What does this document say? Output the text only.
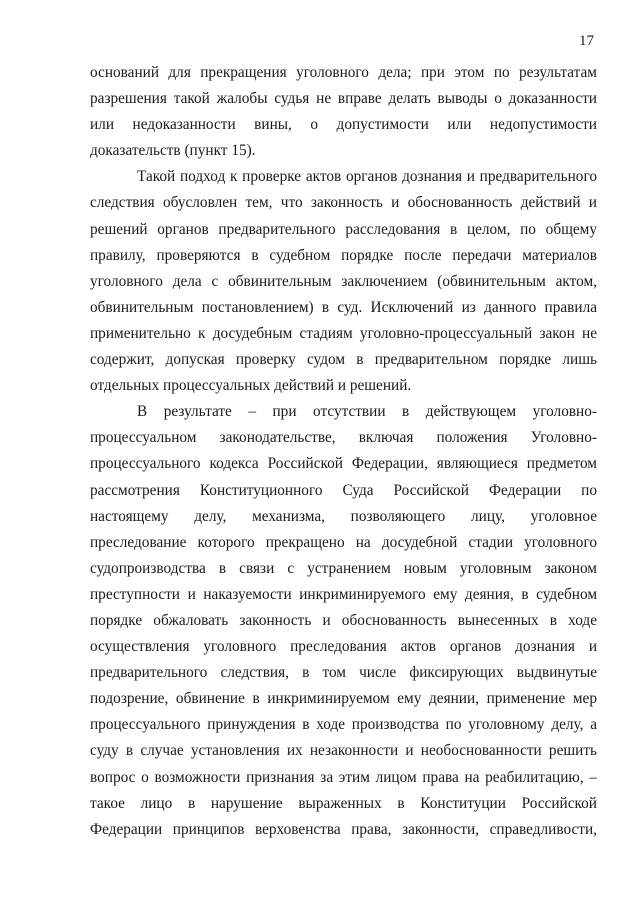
17
оснований для прекращения уголовного дела; при этом по результатам
разрешения такой жалобы судья не вправе делать выводы о доказанности
или недоказанности вины, о допустимости или недопустимости
доказательств (пункт 15).
Такой подход к проверке актов органов дознания и предварительного
следствия обусловлен тем, что законность и обоснованность действий и
решений органов предварительного расследования в целом, по общему
правилу, проверяются в судебном порядке после передачи материалов
уголовного дела с обвинительным заключением (обвинительным актом,
обвинительным постановлением) в суд. Исключений из данного правила
применительно к досудебным стадиям уголовно-процессуальный закон не
содержит, допуская проверку судом в предварительном порядке лишь
отдельных процессуальных действий и решений.
В результате – при отсутствии в действующем уголовно-
процессуальном законодательстве, включая положения Уголовно-
процессуального кодекса Российской Федерации, являющиеся предметом
рассмотрения Конституционного Суда Российской Федерации по
настоящему делу, механизма, позволяющего лицу, уголовное
преследование которого прекращено на досудебной стадии уголовного
судопроизводства в связи с устранением новым уголовным законом
преступности и наказуемости инкриминируемого ему деяния, в судебном
порядке обжаловать законность и обоснованность вынесенных в ходе
осуществления уголовного преследования актов органов дознания и
предварительного следствия, в том числе фиксирующих выдвинутые
подозрение, обвинение в инкриминируемом ему деянии, применение мер
процессуального принуждения в ходе производства по уголовному делу, а
суду в случае установления их незаконности и необоснованности решить
вопрос о возможности признания за этим лицом права на реабилитацию, –
такое лицо в нарушение выраженных в Конституции Российской
Федерации принципов верховенства права, законности, справедливости,
